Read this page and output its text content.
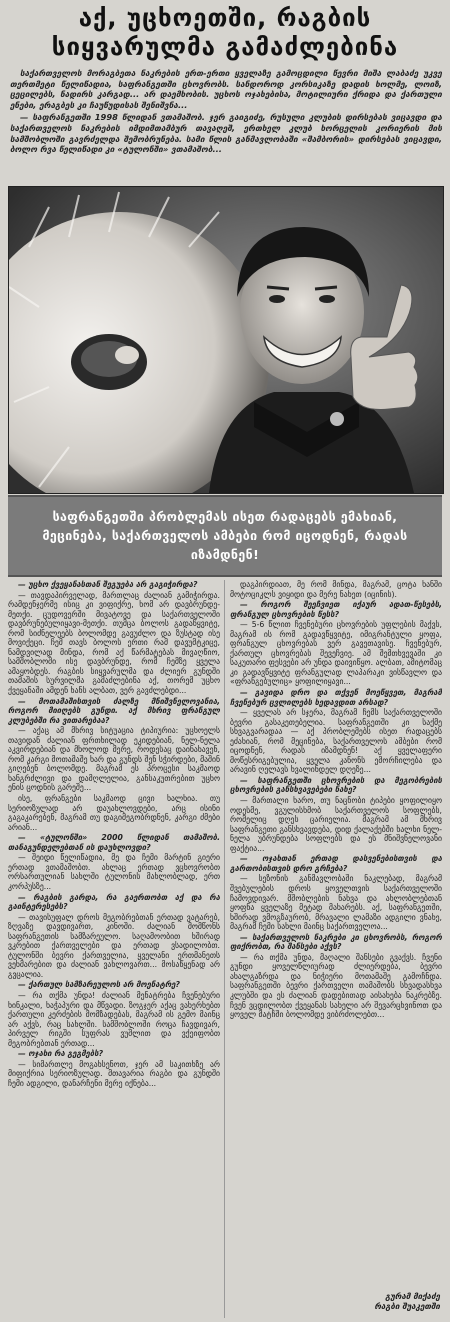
აქ, უცხოეთში, რაგბის სიყვარულმა გამაძლებინა

საქართველოს მორაგბეთა ნაკრების ერთ-ერთი ყველაზე გამოცდილი წევრი მიშა ლაბაძე უკვე თერთმეტი წელიწადია, საფრანგეთში ცხოვრობს. სანდოროდ კორსიკაზე დადის ხოლმე, ლოიზ, ცეცილებს, ნადირს კარგად... არ დაემხობის. უცხოს ოჯახებისა, მოტილიური ქრიდა და ქართული ენები, ერაგბეს კი ჩაუწუდისას შენიშვნა...

— საფრანგეთში 1998 წლიდან ვთამაშობ. ჯერ გაიგიძე, რუსული კლუბის დირსებას ვიცავდი და საქართველოს ნაკრების იმდიმთამბურ თავაღეშ, ერთხელ კლუბ ხორცელის კორიერის მის სამშობლოში გავრძელდა შემობრუნება. სამი წლის განმავლობაში «შამბორის» დირსებას ვიცავდი, ბოლო რვა წელიწადი კი «ტულონში» ვთამაშობ...

საფრანგეთში პრობლემას ისეთ რადაცებს ემახიან, მეცინება, საქართველოს ამბები რომ იცოდნენ, რადას იზამდნენ!

— უცხო ქვეყანასთან შეგუება არ გაგიჭირდა?

— თავდაპირველად, მართლაც ძალიან გამიჭირდა. რამდენჯერმე ისიც კი ვიფიქრე, ხომ არ დავბრუნდე-მეთქი. ცუდოვერში მივატოვე და საქართველოში დავბრუნებულიყავი-მეთქი. თუმცა ბოლოს გადაწყვიტე, რომ სიძნელეებს ბოლომდე გავუძლო და ზუსტად ისე მოვიქეცი. ჩემ თავს ბოლოს ერთი რამ დავუმტკიცე, ნამდვილად მინდა, რომ აქ წარმატებას მივაღწიო, სამშობლოში ისე დავბრუნდე, რომ ჩემზე ყველა ამაყობდეს. რაგბის სიყვარულმა და ძლიერ გუნდში თამაშის სურვილმა გამაძლებინა აქ, თორემ უცხო ქვეყანაში ამდენ ხანს ალბათ, ვერ გავძლებდი...

— მოთამაშისთვის ძალზე მნიშვნელოვანია, როგორ მიიღებს გუნდი. აქ მხრივ ფრანგულ კლუბებში რა ვითარებაა?

— აქაც ამ მხრივ სიტუაცია ტიპიურია: უცხოელს თავიდან ძალიან ფრთხილად ეკიდებიან, ნელ-ნელა აკვირდებიან და მხოლოდ მერე, როდესაც დაინახავენ, რომ კარგი მოთამაშე ხარ და გუნდს შენ სჭირდები, მაშინ გიღებენ ბოლომდე. მაგრამ ეს პროცესი საკმაოდ ხანგრძლივი და დამღლელია, განსაკუთრებით უცხო ენის ცოდნის გარეშე...

ისე, ფრანგები საკმაოდ ცივი ხალხია. თუ სერიოზულად არ დაუახლოვდები, არც ისინი გაგაკარებენ, მაგრამ თუ დაგიმეგობრდნენ, კარგი ძმები არიან...

— «ტულონში» 2000 წლიდან თამაშობ. თანაგუნდელებთან ის დაუხლოვდი?

— შეიდი წელიწადია, მე და ჩემი მარტინ გიერი ერთად ვთამაშობთ. ახლაც ერთად ვცხოვრობთ ორსართულიან სახლში ტულონის მახლობლად, ერთ კორპუსზე...

— რაგბის გარდა, რა გაერთობთ აქ და რა გაინტერესებს?

— თავისუფალ დროს მეგობრებთან ერთად ვატარებ, ზღვაზე დავდივართ, კინოში. ძალიან მომწონს საფრანგეთის სამზარეულო. საღამოობით ხშირად ვკრებით ქართველები და ერთად ვსადილობთ. ტულონში ბევრი ქართველია, ყველანი ერთმანეთს ვეხმარებით და ძალიან ვახლოვართ... მოსაწყენად არ გვცალია.

— ქართულ სამზარეულოს არ მოენატრე?

— რა თქმა უნდა! ძალიან მენატრება ჩვენებური ხინკალი, ხაჭაპური და მწვადი. ზოგჯერ აქაც ვახერხებთ ქართული კერძების მომზადებას, მაგრამ ის გემო მაინც არ აქვს, რაც სახლში. სამშობლოში როცა ჩავდივარ, პირველ რიგში სუფრას ვუშლით და ვქეიფობთ მეგობრებთან ერთად...

— ოჯახი რა გეგმებს?

— სიმართლე მოგახსენოთ, ჯერ ამ საკითხზე არ მიფიქრია სერიოზულად. მთავარია რაგბი და გუნდში ჩემი ადგილი, დანარჩენი მერე იქნება...

დაგპირდიათ, მე რომ მინდა, მაგრამ, ცოტა ხანში მოტოციკლს ვიყიდი და მერე ნახეთ (იცინის).

— როგორ შეეჩვიეთ იქაურ ადათ-წესებს, ფრანგულ ცხოვრების წესს?

— 5-6 წლით ჩვენებური ცხოვრების უფლების მაქვს, მაგრამ ის რომ გადავწყვიტე, იმიგრანტული ყოფა, ფრანგულ ცხოვრებას ვერ გავეთავისე. ჩვენებურ, ქართულ ცხოვრებას შევეჩვიე. ამ შემთხვევაში კი საკუთარი ფესვები არ უნდა დაივიწყო. ალბათ, ამიტომაც კი გადავწყვიტე ფრანგულად ლაპარაკი ვისწავლო და «ფრანგებულიც» ყოფილიყავი...

— გავიდა დრო და თქვენ მოეწყვეთ, მაგრამ ჩვენებურ ცვლილებს ხედავდით არსად?

— ყველას არ სჯერა, მაგრამ ჩემს საქართველოში ბევრი გასაკეთებელია. საფრანგეთში კი საქმე სხვაგვარადაა — აქ პრობლემებს ისეთ რადაცებს ეძახიან, რომ მეცინება, საქართველოს ამბები რომ იცოდნენ, რადას იზამდნენ! აქ ყველაფერი მოწესრიგებულია, ყველა კანონს ემორჩილება და არავინ ღელავს ხვალინდელ დღეზე...

— საფრანგეთში ცხოვრების და მეგობრების ცხოვრების განსხვავებები ნახე?

— მართალი ხარო, თუ ნაცნობი ტიპები ყოფილიყო ოდესმე, ვგულისხმობ საქართველოს სოფლებს, რომელიც დღეს ცარიელია. მაგრამ ამ მხრივ საფრანგეთი განსხვავდება, დიდ ქალაქებში ხალხი ნელ-ნელა უბრუნდება სოფლებს და ეს მნიშვნელოვანი ფაქტია...

— ოჯახთან ერთად დასვენებისთვის და გართობისთვის დრო გრჩება?

— სეზონის განმავლობაში ნაკლებად, მაგრამ შვებულების დროს ყოველთვის საქართველოში ჩამოვდივარ. მშობლების ნახვა და ახლობლებთან ყოფნა ყველაზე მეტად მახარებს. აქ, საფრანგეთში, ხშირად ვმოგზაურობ, მრავალი ლამაზი ადგილი ვნახე, მაგრამ ჩემი სახლი მაინც საქართველოა...

— საქართველოს ნაკრები კი ცხოვრობს, როგორ ფიქრობთ, რა შანსები აქვს?

— რა თქმა უნდა, მაღალი შანსები გვაქვს. ჩვენი გუნდი ყოველწლიურად ძლიერდება, ბევრი ახალგაზრდა და ნიჭიერი მოთამაშე გამოჩნდა. საფრანგეთში ბევრი ქართველი თამაშობს სხვადასხვა კლუბში და ეს ძალიან დადებითად აისახება ნაკრებზე. ჩვენ ვცდილობთ ქვეყანას სახელი არ შევარცხვინოთ და ყოველ მატჩში ბოლომდე ვიბრძოლებთ...

გურამ მიქაძე
რაგბი შუაკეთში
